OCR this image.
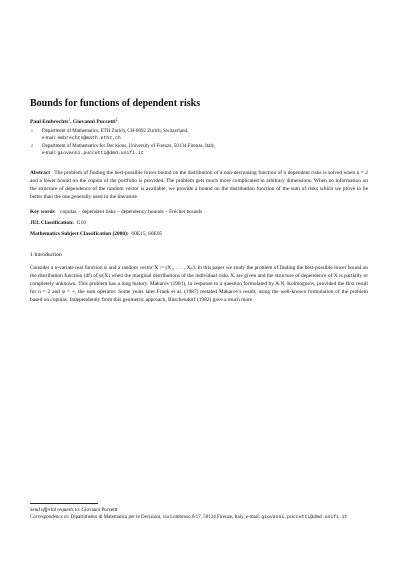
Bounds for functions of dependent risks
Paul Embrechts$^1$, Giovanni Puccetti$^2$
1 Department of Mathematics, ETH Zurich, CH-8092 Zurich, Switzerland,
e-mail: embrechts@math.ethz.ch
2 Department of Mathematics for Decisions, University of Firenze, 50134 Firenze, Italy,
e-mail: giovanni.puccetti@dmd.unifi.it

Abstract The problem of finding the best-possible lower bound on the distribution of a non-decreasing function of n dependent risks is solved when n = 2 and a lower bound on the copula of the portfolio is provided. The problem gets much more complicated in arbitrary dimensions. When no information on the structure of dependence of the random vector is available, we provide a bound on the distribution function of the sum of risks which we prove to be better than the one generally used in the literature.

Key words copulas – dependent risks – dependency bounds – Fréchet bounds
JEL Classification: G10
Mathematics Subject Classification (2000): 60E15, 60E05
1 Introduction

Consider a n-variate real function ψ and a random vector X := (X₁, . . . , Xₙ). In this paper we study the problem of finding the best-possible lower bound on the distribution function (df) of ψ(X) when the marginal distributions of the individual risks Xᵢ are given and the structure of dependence of X is partially or completely unknown. This problem has a long history. Makarov (1981), in response to a question formulated by A.N. Kolmogorov, provided the first result for n = 2 and ψ = +, the sum operator. Some years later Frank et al. (1987) restated Makarov's result, using the well-known formulation of the problem based on copulas. Independently from this geometric approach, Rüschendorf (1982) gave a much more

Send offprint requests to: Giovanni Puccetti

Correspondence to: Dipartimento di Matematica per le Decisioni, via Lombroso 6/17, 50134 Firenze, Italy, e-mail: giovanni.puccetti@dmd.unifi.it
